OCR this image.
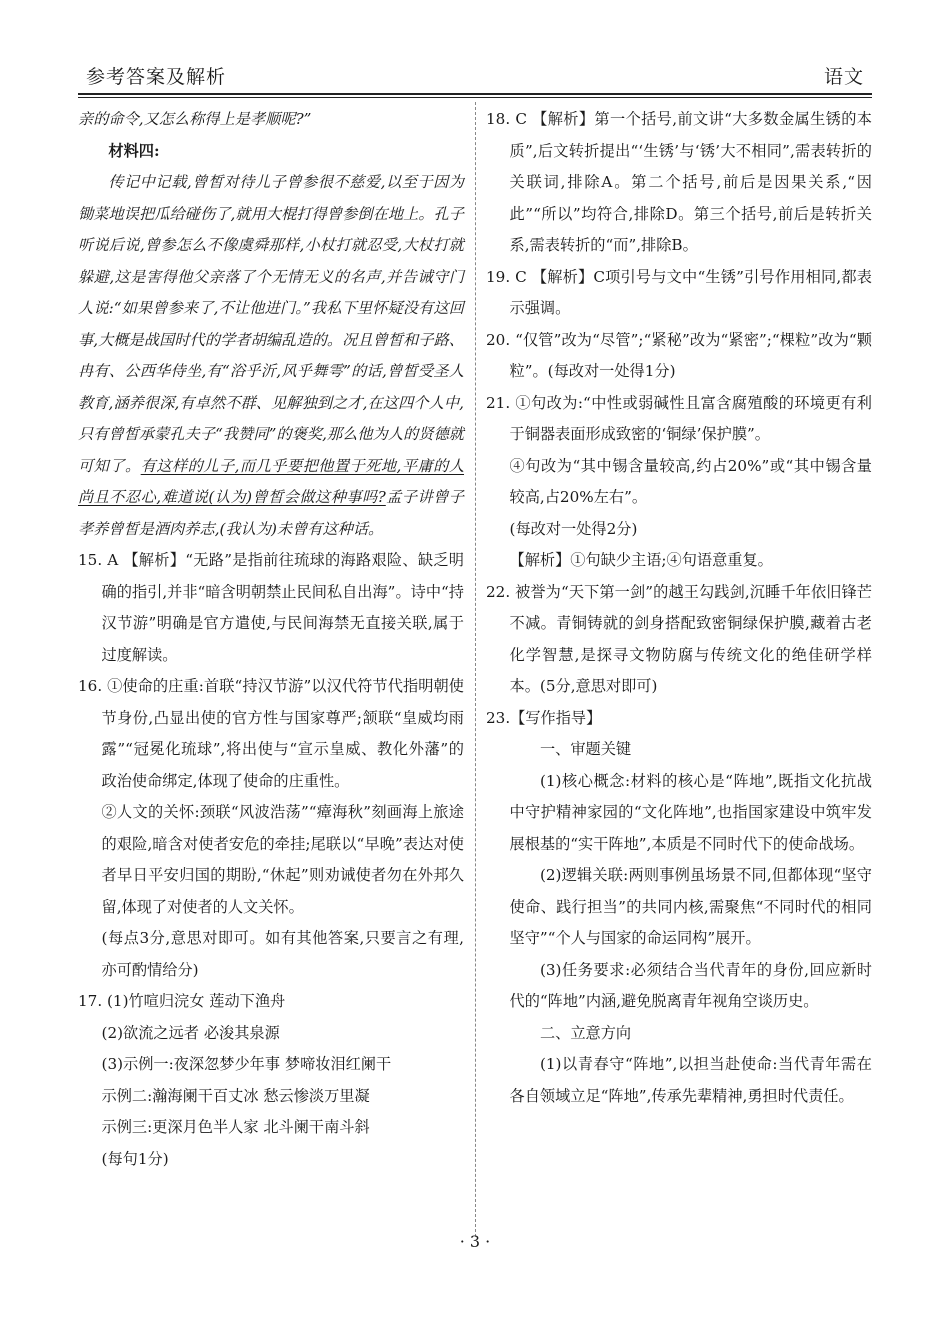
参考答案及解析	语文

亲的命令,又怎么称得上是孝顺呢?”

材料四:

传记中记载,曾皙对待儿子曾参很不慈爱,以至于因为锄菜地误把瓜给碰伤了,就用大棍打得曾参倒在地上。孔子听说后说,曾参怎么不像虞舜那样,小杖打就忍受,大杖打就躲避,这是害得他父亲落了个无情无义的名声,并告诫守门人说:“如果曾参来了,不让他进门。”我私下里怀疑没有这回事,大概是战国时代的学者胡编乱造的。况且曾皙和子路、冉有、公西华侍坐,有“浴乎沂,风乎舞雩”的话,曾皙受圣人教育,涵养很深,有卓然不群、见解独到之才,在这四个人中,只有曾皙承蒙孔夫子“我赞同”的褒奖,那么他为人的贤德就可知了。有这样的儿子,而几乎要把他置于死地,平庸的人尚且不忍心,难道说(认为)曾皙会做这种事吗?孟子讲曾子孝养曾皙是酒肉养志,(我认为)未曾有这种话。

15. A 【解析】“无路”是指前往琉球的海路艰险、缺乏明确的指引,并非“暗含明朝禁止民间私自出海”。诗中“持汉节游”明确是官方遣使,与民间海禁无直接关联,属于过度解读。

16. ①使命的庄重:首联“持汉节游”以汉代符节代指明朝使节身份,凸显出使的官方性与国家尊严;颔联“皇威均雨露”“冠冕化琉球”,将出使与“宣示皇威、教化外藩”的政治使命绑定,体现了使命的庄重性。

②人文的关怀:颈联“风波浩荡”“瘴海秋”刻画海上旅途的艰险,暗含对使者安危的牵挂;尾联以“早晚”表达对使者早日平安归国的期盼,“休起”则劝诫使者勿在外邦久留,体现了对使者的人文关怀。

(每点3分,意思对即可。如有其他答案,只要言之有理,亦可酌情给分)

17. (1)竹喧归浣女 莲动下渔舟

(2)欲流之远者 必浚其泉源

(3)示例一:夜深忽梦少年事 梦啼妆泪红阑干

示例二:瀚海阑干百丈冰 愁云惨淡万里凝

示例三:更深月色半人家 北斗阑干南斗斜

(每句1分)

18. C 【解析】第一个括号,前文讲“大多数金属生锈的本质”,后文转折提出“‘生锈’与‘锈’大不相同”,需表转折的关联词,排除A。第二个括号,前后是因果关系,“因此”“所以”均符合,排除D。第三个括号,前后是转折关系,需表转折的“而”,排除B。

19. C 【解析】C项引号与文中“生锈”引号作用相同,都表示强调。

20. “仅管”改为“尽管”;“紧秘”改为“紧密”;“棵粒”改为“颗粒”。(每改对一处得1分)

21. ①句改为:“中性或弱碱性且富含腐殖酸的环境更有利于铜器表面形成致密的‘铜绿’保护膜”。

④句改为“其中锡含量较高,约占20%”或“其中锡含量较高,占20%左右”。

(每改对一处得2分)

【解析】①句缺少主语;④句语意重复。

22. 被誉为“天下第一剑”的越王勾践剑,沉睡千年依旧锋芒不减。青铜铸就的剑身搭配致密铜绿保护膜,藏着古老化学智慧,是探寻文物防腐与传统文化的绝佳研学样本。(5分,意思对即可)

23.【写作指导】

一、审题关键

(1)核心概念:材料的核心是“阵地”,既指文化抗战中守护精神家园的“文化阵地”,也指国家建设中筑牢发展根基的“实干阵地”,本质是不同时代下的使命战场。

(2)逻辑关联:两则事例虽场景不同,但都体现“坚守使命、践行担当”的共同内核,需聚焦“不同时代的相同坚守”“个人与国家的命运同构”展开。

(3)任务要求:必须结合当代青年的身份,回应新时代的“阵地”内涵,避免脱离青年视角空谈历史。

二、立意方向

(1)以青春守“阵地”,以担当赴使命:当代青年需在各自领域立足“阵地”,传承先辈精神,勇担时代责任。

· 3 ·
